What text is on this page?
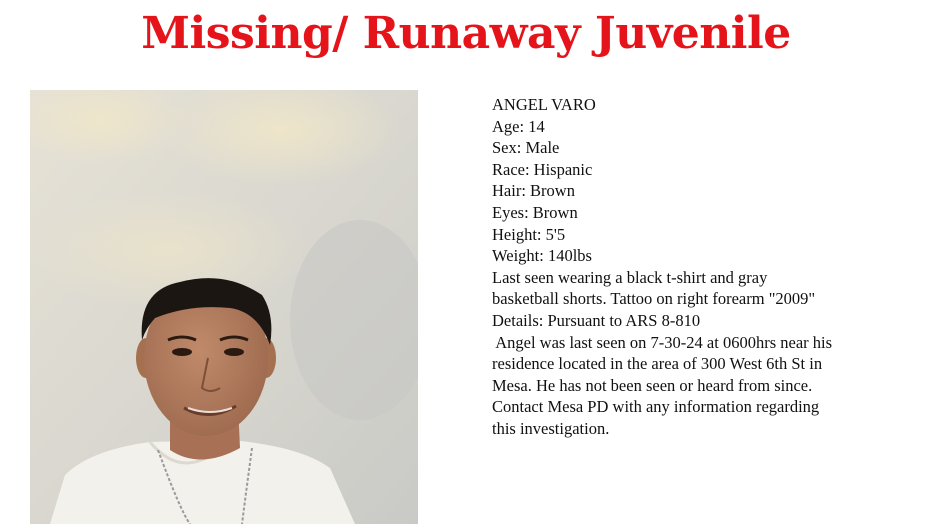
Missing/ Runaway Juvenile
ANGEL VARO
Age: 14
Sex: Male
Race: Hispanic
Hair: Brown
Eyes: Brown
Height: 5'5
Weight: 140lbs
Last seen wearing a black t-shirt and gray
basketball shorts. Tattoo on right forearm "2009"
Details: Pursuant to ARS 8-810
Angel was last seen on 7-30-24 at 0600hrs near his
residence located in the area of 300 West 6th St in
Mesa. He has not been seen or heard from since.
Contact Mesa PD with any information regarding
this investigation.
